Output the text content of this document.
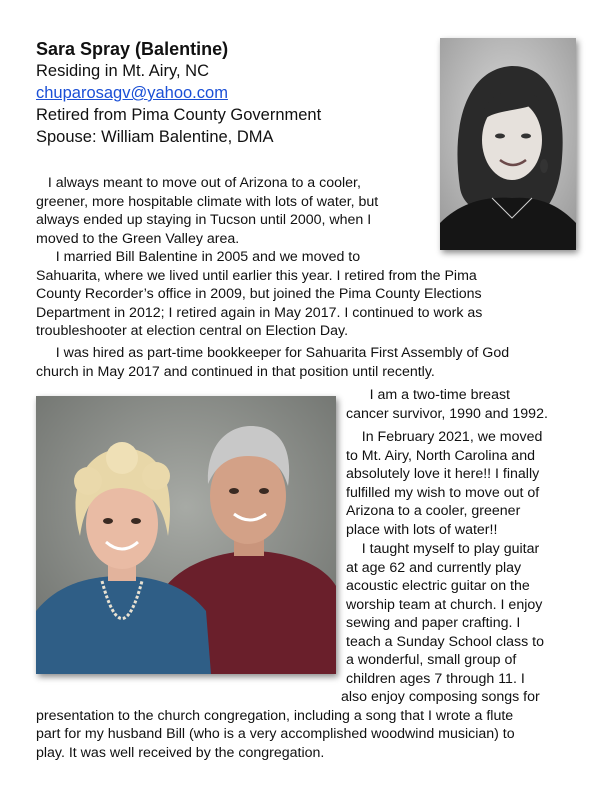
Sara Spray (Balentine)
Residing in Mt. Airy, NC
chuparosagv@yahoo.com
Retired from Pima County Government
Spouse: William Balentine, DMA
I always meant to move out of Arizona to a cooler,
greener, more hospitable climate with lots of water, but
always ended up staying in Tucson until 2000, when I
moved to the Green Valley area.
I married Bill Balentine in 2005 and we moved to
Sahuarita, where we lived until earlier this year. I retired from the Pima
County Recorder’s office in 2009, but joined the Pima County Elections
Department in 2012; I retired again in May 2017. I continued to work as
troubleshooter at election central on Election Day.
I was hired as part-time bookkeeper for Sahuarita First Assembly of God
church in May 2017 and continued in that position until recently.
I am a two-time breast
cancer survivor, 1990 and 1992.
In February 2021, we moved
to Mt. Airy, North Carolina and
absolutely love it here!! I finally
fulfilled my wish to move out of
Arizona to a cooler, greener
place with lots of water!!
I taught myself to play guitar
at age 62 and currently play
acoustic electric guitar on the
worship team at church. I enjoy
sewing and paper crafting. I
teach a Sunday School class to
a wonderful, small group of
children ages 7 through 11. I
also enjoy composing songs for
presentation to the church congregation, including a song that I wrote a flute
part for my husband Bill (who is a very accomplished woodwind musician) to
play. It was well received by the congregation.
